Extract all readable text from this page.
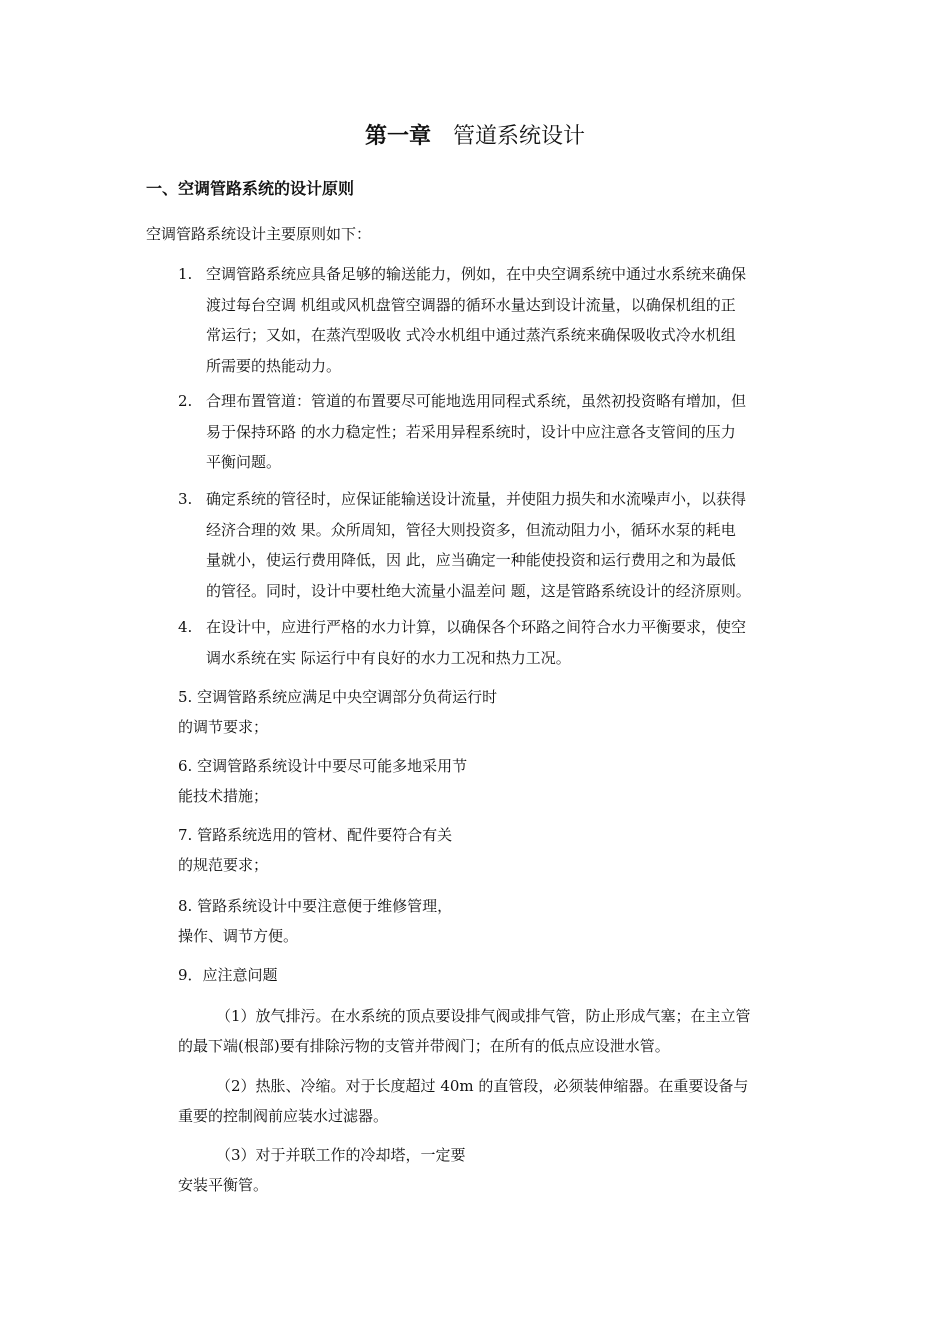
第一章 管道系统设计
一、空调管路系统的设计原则
空调管路系统设计主要原则如下：
1. 空调管路系统应具备足够的输送能力，例如，在中央空调系统中通过水系统来确保
渡过每台空调 机组或风机盘管空调器的循环水量达到设计流量，以确保机组的正
常运行；又如，在蒸汽型吸收 式冷水机组中通过蒸汽系统来确保吸收式冷水机组
所需要的热能动力。
2. 合理布置管道：管道的布置要尽可能地选用同程式系统，虽然初投资略有增加，但
易于保持环路 的水力稳定性；若采用异程系统时，设计中应注意各支管间的压力
平衡问题。
3. 确定系统的管径时，应保证能输送设计流量，并使阻力损失和水流噪声小，以获得
经济合理的效 果。众所周知，管径大则投资多，但流动阻力小，循环水泵的耗电
量就小，使运行费用降低，因 此，应当确定一种能使投资和运行费用之和为最低
的管径。同时，设计中要杜绝大流量小温差问 题，这是管路系统设计的经济原则。
4. 在设计中，应进行严格的水力计算，以确保各个环路之间符合水力平衡要求，使空
调水系统在实 际运行中有良好的水力工况和热力工况。
5. 空调管路系统应满足中央空调部分负荷运行时
的调节要求；
6. 空调管路系统设计中要尽可能多地采用节
能技术措施；
7. 管路系统选用的管材、配件要符合有关
的规范要求；
8. 管路系统设计中要注意便于维修管理，
操作、调节方便。
9．应注意问题
（1）放气排污。在水系统的顶点要设排气阀或排气管，防止形成气塞；在主立管
的最下端(根部)要有排除污物的支管并带阀门；在所有的低点应设泄水管。
（2）热胀、冷缩。对于长度超过 40m 的直管段，必须装伸缩器。在重要设备与
重要的控制阀前应装水过滤器。
（3）对于并联工作的冷却塔，一定要
安装平衡管。
